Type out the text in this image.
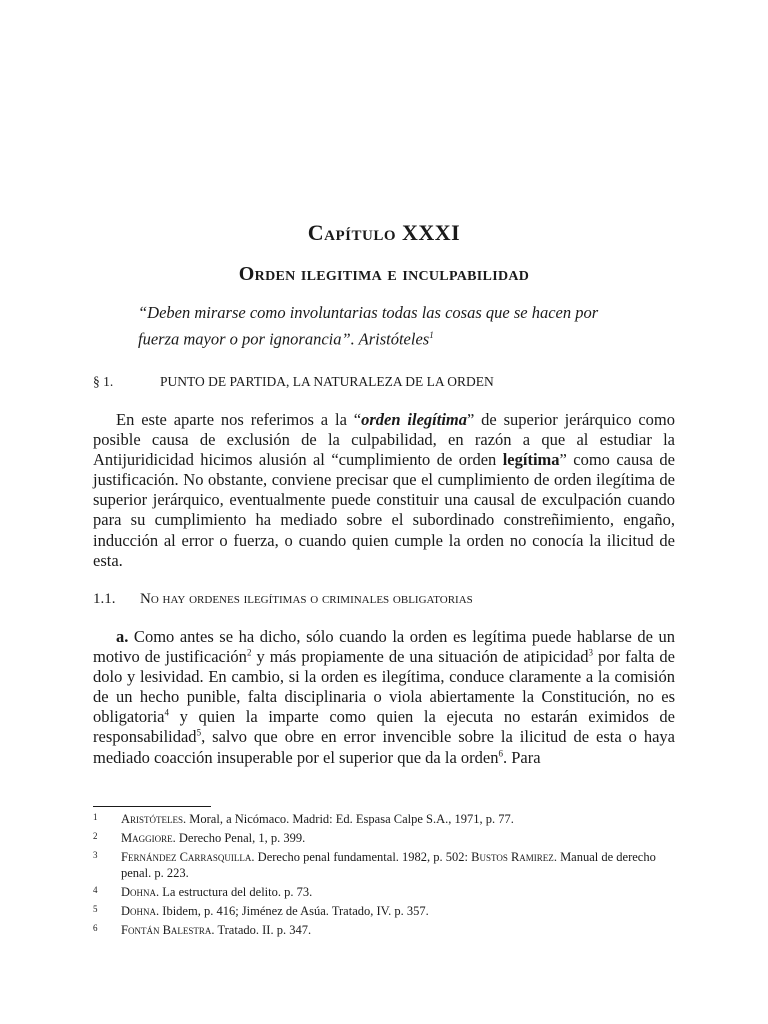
Capítulo XXXI
Orden ilegitima e inculpabilidad
“Deben mirarse como involuntarias todas las cosas que se hacen por fuerza mayor o por ignorancia”. Aristóteles$^1$
§ 1.	PUNTO DE PARTIDA, LA NATURALEZA DE LA ORDEN

En este aparte nos referimos a la “orden ilegítima” de superior jerárquico como posible causa de exclusión de la culpabilidad, en razón a que al estudiar la Antijuridicidad hicimos alusión al “cumplimiento de orden legítima” como causa de justificación. No obstante, conviene precisar que el cumplimiento de orden ilegítima de superior jerárquico, eventualmente puede constituir una causal de exculpación cuando para su cumplimiento ha mediado sobre el subordinado constreñimiento, engaño, inducción al error o fuerza, o cuando quien cumple la orden no conocía la ilicitud de esta.

1.1. No hay ordenes ilegítimas o criminales obligatorias

a. Como antes se ha dicho, sólo cuando la orden es legítima puede hablarse de un motivo de justificación$^2$ y más propiamente de una situación de atipicidad$^3$ por falta de dolo y lesividad. En cambio, si la orden es ilegítima, conduce claramente a la comisión de un hecho punible, falta disciplinaria o viola abiertamente la Constitución, no es obligatoria$^4$ y quien la imparte como quien la ejecuta no estarán eximidos de responsabilidad$^5$, salvo que obre en error invencible sobre la ilicitud de esta o haya mediado coacción insuperable por el superior que da la orden$^6$. Para

1 Aristóteles. Moral, a Nicómaco. Madrid: Ed. Espasa Calpe S.A., 1971, p. 77.
2 Maggiore. Derecho Penal, 1, p. 399.
3 Fernández Carrasquilla. Derecho penal fundamental. 1982, p. 502: Bustos Ramirez. Manual de derecho penal. p. 223.
4 Dohna. La estructura del delito. p. 73.
5 Dohna. Ibidem, p. 416; Jiménez de Asúa. Tratado, IV. p. 357.
6 Fontán Balestra. Tratado. II. p. 347.
